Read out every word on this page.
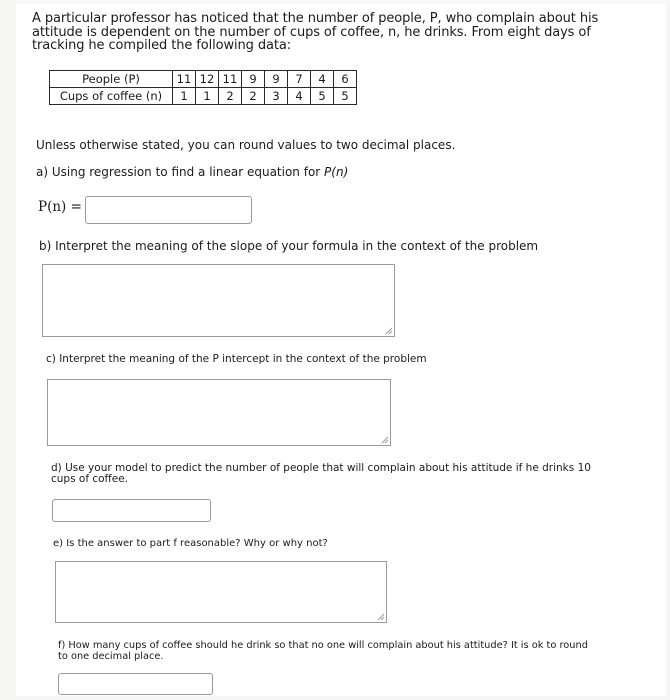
A particular professor has noticed that the number of people, P, who complain about his attitude is dependent on the number of cups of coffee, n, he drinks. From eight days of tracking he compiled the following data:
People (P)	11	12	11	9	9	7	4	6
Cups of coffee (n)	1	1	2	2	3	4	5	5
Unless otherwise stated, you can round values to two decimal places.
a) Using regression to find a linear equation for P(n)
P(n) =
b) Interpret the meaning of the slope of your formula in the context of the problem
c) Interpret the meaning of the P intercept in the context of the problem
d) Use your model to predict the number of people that will complain about his attitude if he drinks 10 cups of coffee.
e) Is the answer to part f reasonable? Why or why not?
f) How many cups of coffee should he drink so that no one will complain about his attitude? It is ok to round to one decimal place.
